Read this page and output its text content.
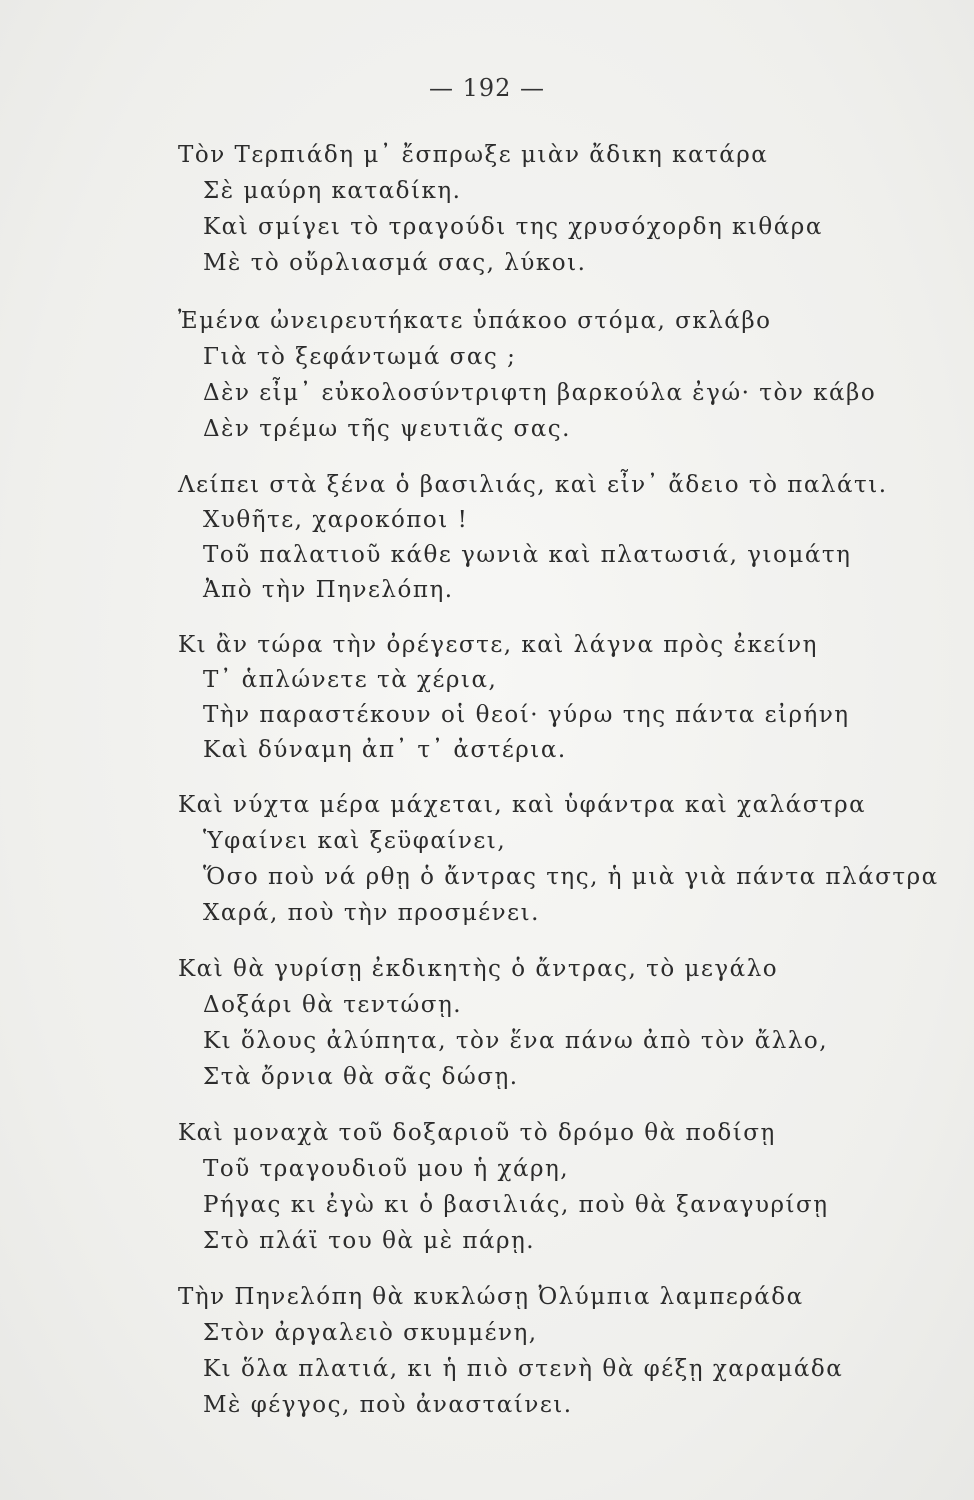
— 192 —
Τὸν Τερπιάδη μ᾽ ἔσπρωξε μιὰν ἄδικη κατάρα
Σὲ μαύρη καταδίκη.
Καὶ σμίγει τὸ τραγούδι της χρυσόχορδη κιθάρα
Μὲ τὸ οὔρλιασμά σας, λύκοι.
Ἐμένα ὠνειρευτήκατε ὑπάκοο στόμα, σκλάβο
Γιὰ τὸ ξεφάντωμά σας ;
Δὲν εἶμ᾽ εὐκολοσύντριφτη βαρκούλα ἐγώ· τὸν κάβο
Δὲν τρέμω τῆς ψευτιᾶς σας.
Λείπει στὰ ξένα ὁ βασιλιάς, καὶ εἶν᾽ ἄδειο τὸ παλάτι.
Χυθῆτε, χαροκόποι !
Τοῦ παλατιοῦ κάθε γωνιὰ καὶ πλατωσιά, γιομάτη
Ἀπὸ τὴν Πηνελόπη.
Κι ἂν τώρα τὴν ὀρέγεστε, καὶ λάγνα πρὸς ἐκείνη
Τ᾽ ἁπλώνετε τὰ χέρια,
Τὴν παραστέκουν οἱ θεοί· γύρω της πάντα εἰρήνη
Καὶ δύναμη ἀπ᾽ τ᾽ ἀστέρια.
Καὶ νύχτα μέρα μάχεται, καὶ ὑφάντρα καὶ χαλάστρα
Ὑφαίνει καὶ ξεϋφαίνει,
Ὅσο ποὺ νά ρθῃ ὁ ἄντρας της, ἡ μιὰ γιὰ πάντα πλάστρα
Χαρά, ποὺ τὴν προσμένει.
Καὶ θὰ γυρίσῃ ἐκδικητὴς ὁ ἄντρας, τὸ μεγάλο
Δοξάρι θὰ τεντώσῃ.
Κι ὅλους ἀλύπητα, τὸν ἕνα πάνω ἀπὸ τὸν ἄλλο,
Στὰ ὄρνια θὰ σᾶς δώσῃ.
Καὶ μοναχὰ τοῦ δοξαριοῦ τὸ δρόμο θὰ ποδίσῃ
Τοῦ τραγουδιοῦ μου ἡ χάρη,
Ρήγας κι ἐγὼ κι ὁ βασιλιάς, ποὺ θὰ ξαναγυρίσῃ
Στὸ πλάϊ του θὰ μὲ πάρῃ.
Τὴν Πηνελόπη θὰ κυκλώσῃ Ὀλύμπια λαμπεράδα
Στὸν ἀργαλειὸ σκυμμένη,
Κι ὅλα πλατιά, κι ἡ πιὸ στενὴ θὰ φέξῃ χαραμάδα
Μὲ φέγγος, ποὺ ἀνασταίνει.
